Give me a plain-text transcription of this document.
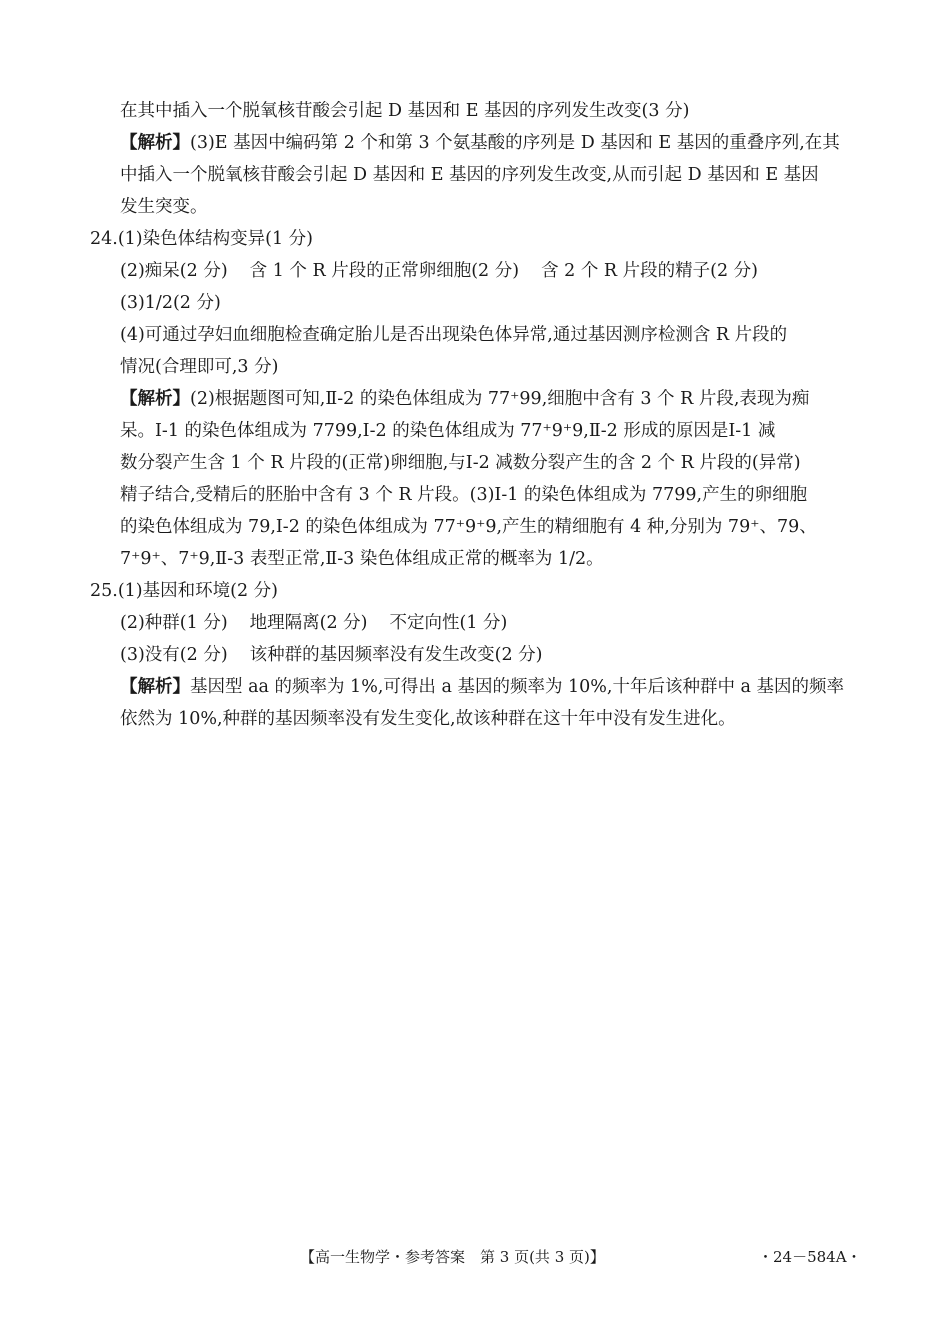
在其中插入一个脱氧核苷酸会引起 D 基因和 E 基因的序列发生改变(3 分)
【解析】(3)E 基因中编码第 2 个和第 3 个氨基酸的序列是 D 基因和 E 基因的重叠序列,在其
中插入一个脱氧核苷酸会引起 D 基因和 E 基因的序列发生改变,从而引起 D 基因和 E 基因
发生突变。
24.(1)染色体结构变异(1 分)
(2)痴呆(2 分) 含 1 个 R 片段的正常卵细胞(2 分) 含 2 个 R 片段的精子(2 分)
(3)1/2(2 分)
(4)可通过孕妇血细胞检查确定胎儿是否出现染色体异常,通过基因测序检测含 R 片段的
情况(合理即可,3 分)
【解析】(2)根据题图可知,Ⅱ-2 的染色体组成为 77⁺99,细胞中含有 3 个 R 片段,表现为痴
呆。Ⅰ-1 的染色体组成为 7799,Ⅰ-2 的染色体组成为 77⁺9⁺9,Ⅱ-2 形成的原因是Ⅰ-1 减
数分裂产生含 1 个 R 片段的(正常)卵细胞,与Ⅰ-2 减数分裂产生的含 2 个 R 片段的(异常)
精子结合,受精后的胚胎中含有 3 个 R 片段。(3)Ⅰ-1 的染色体组成为 7799,产生的卵细胞
的染色体组成为 79,Ⅰ-2 的染色体组成为 77⁺9⁺9,产生的精细胞有 4 种,分别为 79⁺、79、
7⁺9⁺、7⁺9,Ⅱ-3 表型正常,Ⅱ-3 染色体组成正常的概率为 1/2。
25.(1)基因和环境(2 分)
(2)种群(1 分) 地理隔离(2 分) 不定向性(1 分)
(3)没有(2 分) 该种群的基因频率没有发生改变(2 分)
【解析】基因型 aa 的频率为 1%,可得出 a 基因的频率为 10%,十年后该种群中 a 基因的频率
依然为 10%,种群的基因频率没有发生变化,故该种群在这十年中没有发生进化。
【高一生物学・参考答案　第 3 页(共 3 页)】	・24－584A・
